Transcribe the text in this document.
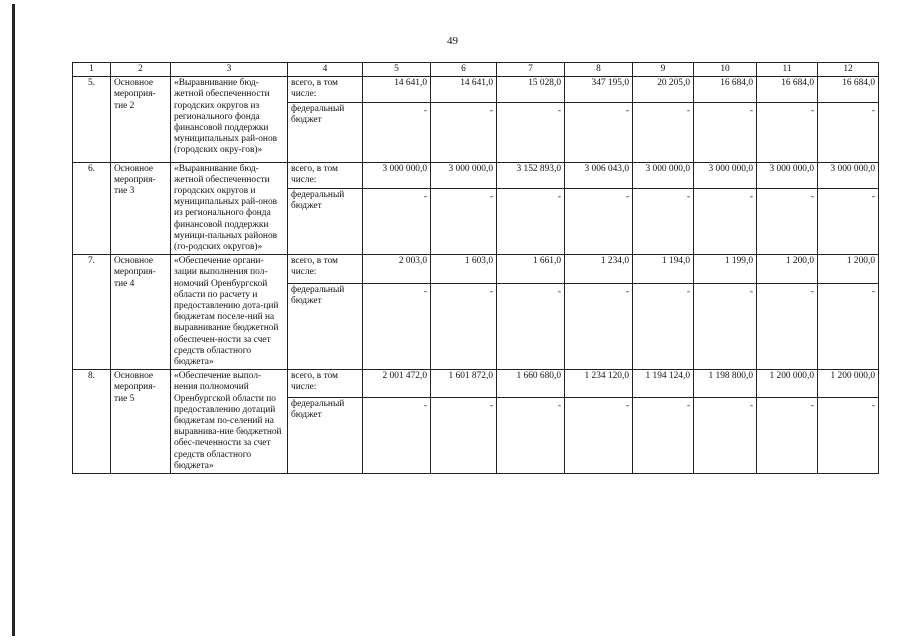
49
1	2	3	4	5	6	7	8	9	10	11	12
5.	Основное мероприя-тие 2	«Выравнивание бюд-жетной обеспеченности городских округов из регионального фонда финансовой поддержки муниципальных рай-онов (городских окру-гов)»	всего, в том числе:	14 641,0	14 641,0	15 028,0	347 195,0	20 205,0	16 684,0	16 684,0	16 684,0
			федеральный бюджет	-	-	-	-	-	-	-	-
6.	Основное мероприя-тие 3	«Выравнивание бюд-жетной обеспеченности городских округов и муниципальных рай-онов из регионального фонда финансовой поддержки муници-пальных районов (го-родских округов)»	всего, в том числе:	3 000 000,0	3 000 000,0	3 152 893,0	3 006 043,0	3 000 000,0	3 000 000,0	3 000 000,0	3 000 000,0
			федеральный бюджет	-	-	-	-	-	-	-	-
7.	Основное мероприя-тие 4	«Обеспечение органи-зации выполнения пол-номочий Оренбургской области по расчету и предоставлению дота-ций бюджетам поселе-ний на выравнивание бюджетной обеспечен-ности за счет средств областного бюджета»	всего, в том числе:	2 003,0	1 603,0	1 661,0	1 234,0	1 194,0	1 199,0	1 200,0	1 200,0
			федеральный бюджет	-	-	-	-	-	-	-	-
8.	Основное мероприя-тие 5	«Обеспечение выпол-нения полномочий Оренбургской области по предоставлению дотаций бюджетам по-селений на выравнива-ние бюджетной обес-печенности за счет средств областного бюджета»	всего, в том числе:	2 001 472,0	1 601 872,0	1 660 680,0	1 234 120,0	1 194 124,0	1 198 800,0	1 200 000,0	1 200 000,0
			федеральный бюджет	-	-	-	-	-	-	-	-
